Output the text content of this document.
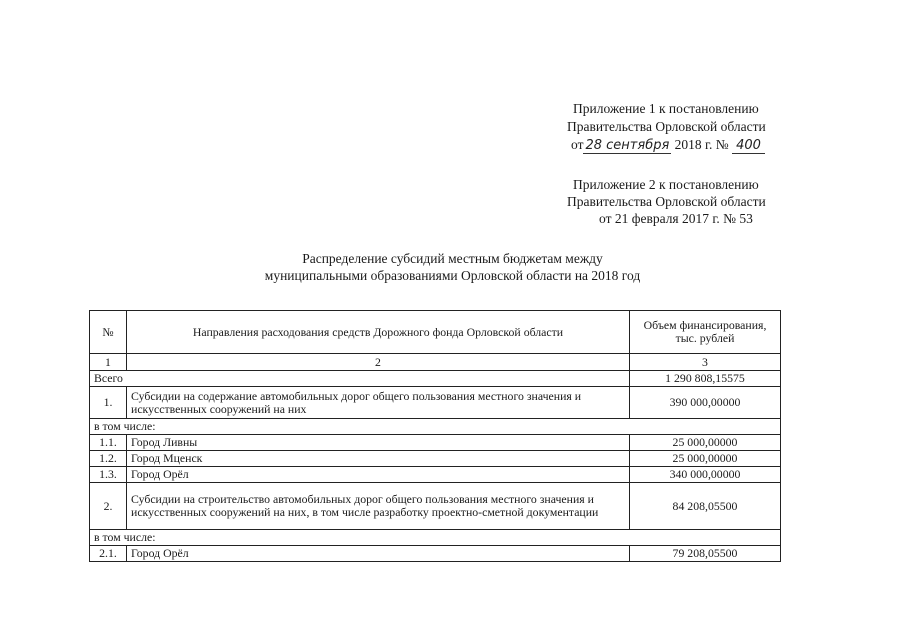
Приложение 1 к постановлению
Правительства Орловской области
от 28 сентября 2018 г. № 400
Приложение 2 к постановлению
Правительства Орловской области
от 21 февраля 2017 г. № 53
Распределение субсидий местным бюджетам между
муниципальными образованиями Орловской области на 2018 год
№	Направления расходования средств Дорожного фонда Орловской области	Объем финансирования, тыс. рублей
1	2	3
Всего		1 290 808,15575
1.	Субсидии на содержание автомобильных дорог общего пользования местного значения и искусственных сооружений на них	390 000,00000
в том числе:		
1.1.	Город Ливны	25 000,00000
1.2.	Город Мценск	25 000,00000
1.3.	Город Орёл	340 000,00000
2.	Субсидии на строительство автомобильных дорог общего пользования местного значения и искусственных сооружений на них, в том числе разработку проектно-сметной документации	84 208,05500
в том числе:		
2.1.	Город Орёл	79 208,05500
